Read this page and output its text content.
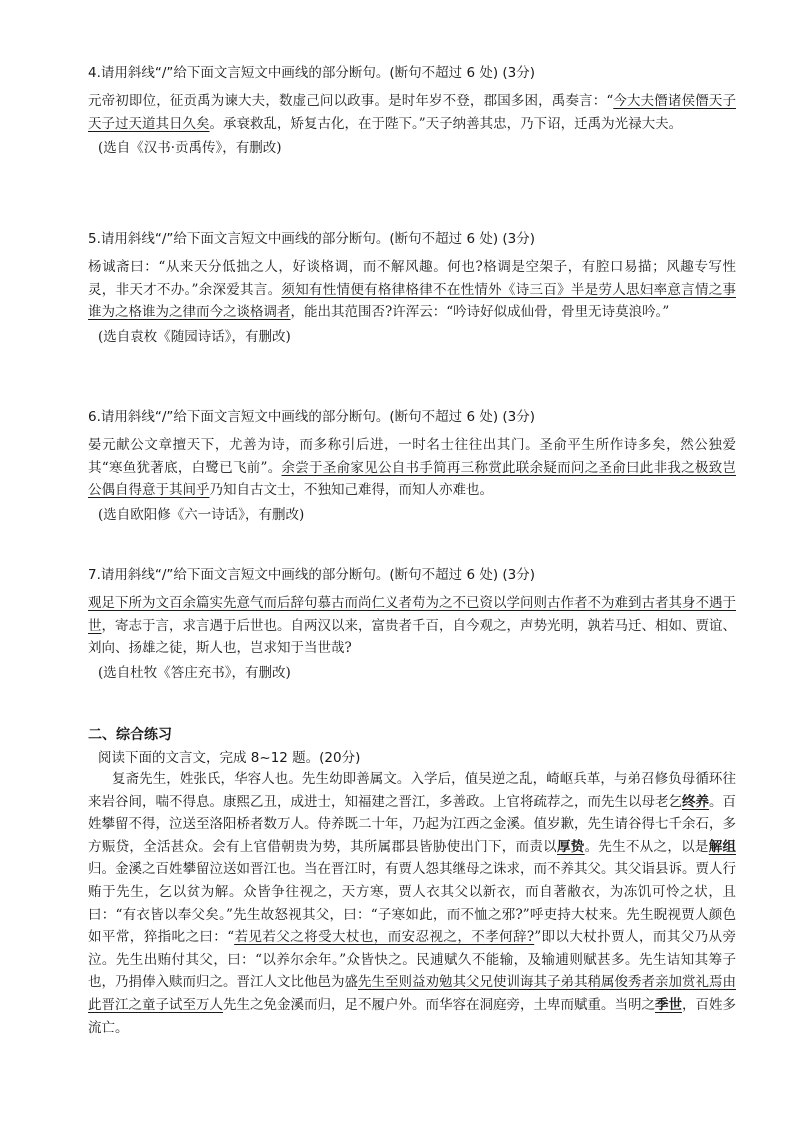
4.请用斜线“/”给下面文言短文中画线的部分断句。(断句不超过 6 处) (3分)

元帝初即位，征贡禹为谏大夫，数虚己问以政事。是时年岁不登，郡国多困，禹奏言：“今大夫僭诸侯僭天子天子过天道其日久矣。承衰救乱，矫复古化，在于陛下。”天子纳善其忠，乃下诏，迁禹为光禄大夫。

(选自《汉书·贡禹传》，有删改)

5.请用斜线“/”给下面文言短文中画线的部分断句。(断句不超过 6 处) (3分)

杨诚斋曰：“从来天分低拙之人，好谈格调，而不解风趣。何也?格调是空架子，有腔口易描；风趣专写性灵，非天才不办。”余深爱其言。须知有性情便有格律格律不在性情外《诗三百》半是劳人思妇率意言情之事谁为之格谁为之律而今之谈格调者，能出其范围否?许浑云：“吟诗好似成仙骨，骨里无诗莫浪吟。”

(选自袁枚《随园诗话》，有删改)

6.请用斜线“/”给下面文言短文中画线的部分断句。(断句不超过 6 处) (3分)

晏元献公文章擅天下，尤善为诗，而多称引后进，一时名士往往出其门。圣俞平生所作诗多矣，然公独爱其“寒鱼犹著底，白鹭已飞前”。余尝于圣俞家见公自书手简再三称赏此联余疑而问之圣俞曰此非我之极致岂公偶自得意于其间乎乃知自古文士，不独知己难得，而知人亦难也。

(选自欧阳修《六一诗话》，有删改)

7.请用斜线“/”给下面文言短文中画线的部分断句。(断句不超过 6 处) (3分)

观足下所为文百余篇实先意气而后辞句慕古而尚仁义者苟为之不已资以学问则古作者不为难到古者其身不遇于世，寄志于言，求言遇于后世也。自两汉以来，富贵者千百，自今观之，声势光明，孰若马迁、相如、贾谊、刘向、扬雄之徒，斯人也，岂求知于当世哉?

(选自杜牧《答庄充书》，有删改)

二、综合练习

阅读下面的文言文，完成 8~12 题。(20分)

复斋先生，姓张氏，华容人也。先生幼即善属文。入学后，值吴逆之乱，崎岖兵革，与弟召修负母循环往来岩谷间，喘不得息。康熙乙丑，成进士，知福建之晋江，多善政。上官将疏荐之，而先生以母老乞终养。百姓攀留不得，泣送至洛阳桥者数万人。侍养既二十年，乃起为江西之金溪。值岁歉，先生请谷得七千余石，多方赈贷，全活甚众。会有上官借朝贵为势，其所属郡县皆胁使出门下，而责以厚贽。先生不从之，以是解组归。金溪之百姓攀留泣送如晋江也。当在晋江时，有贾人怨其继母之诛求，而不养其父。其父诣县诉。贾人行贿于先生，乞以贫为解。众皆争往视之，天方寒，贾人衣其父以新衣，而自著敝衣，为冻饥可怜之状，且曰：“有衣皆以奉父矣。”先生故怒视其父，曰：“子寒如此，而不恤之邪?”呼吏持大杖来。先生睨视贾人颜色如平常，猝指叱之曰：“若见若父之将受大杖也，而安忍视之，不孝何辞?”即以大杖扑贾人，而其父乃从旁泣。先生出贿付其父，曰：“以养尔余年。”众皆快之。民逋赋久不能输，及输逋则赋甚多。先生诘知其筹子也，乃捐俸入赎而归之。晋江人文比他邑为盛先生至则益劝勉其父兄使训诲其子弟其稍属俊秀者亲加赏礼焉由此晋江之童子试至万人先生之免金溪而归，足不履户外。而华容在洞庭旁，土卑而赋重。当明之季世，百姓多流亡。
